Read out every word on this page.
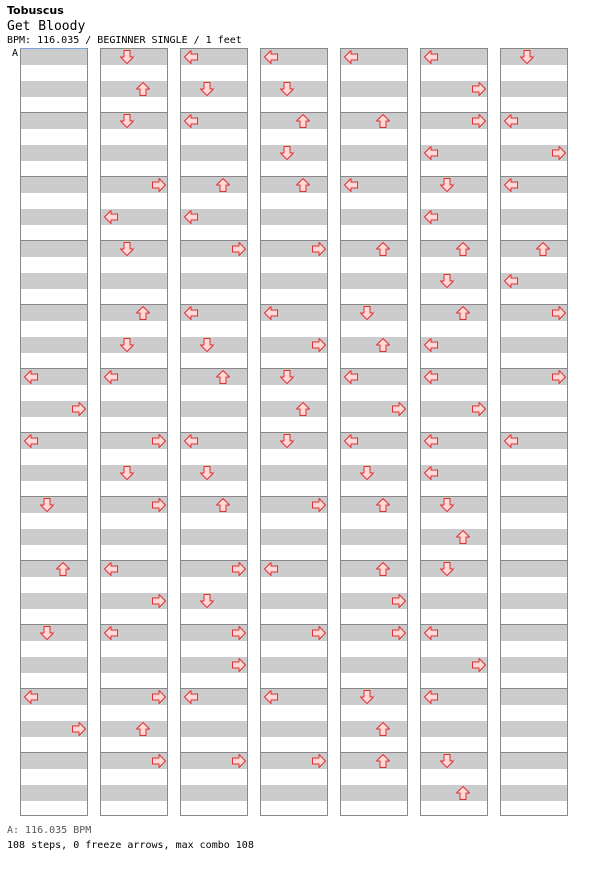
Tobuscus
Get Bloody
BPM: 116.035 / BEGINNER SINGLE / 1 feet
A
A: 116.035 BPM
108 steps, 0 freeze arrows, max combo 108
